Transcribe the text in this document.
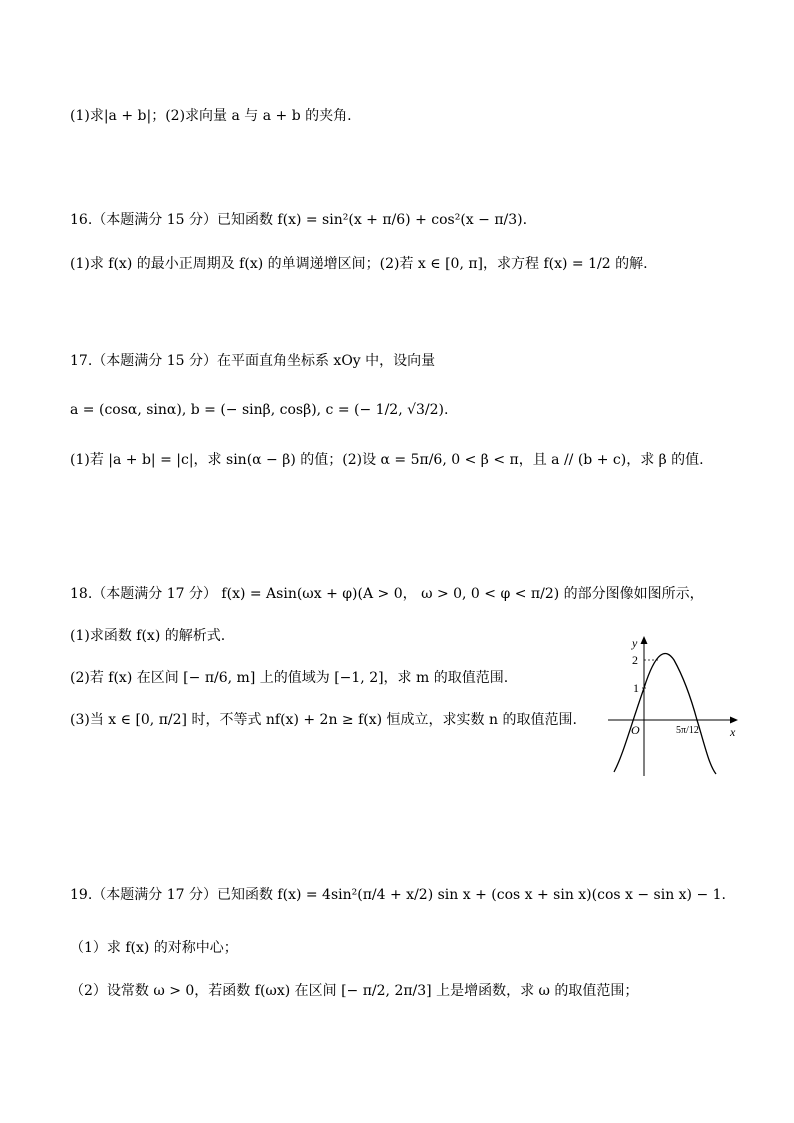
(1)求|a + b|；(2)求向量 a 与 a + b 的夹角.
16.（本题满分 15 分）已知函数 f(x) = sin²(x + π/6) + cos²(x − π/3).
(1)求 f(x) 的最小正周期及 f(x) 的单调递增区间；(2)若 x ∈ [0, π]，求方程 f(x) = 1/2 的解.
17.（本题满分 15 分）在平面直角坐标系 xOy 中，设向量
a = (cosα, sinα), b = (− sinβ, cosβ), c = (− 1/2, √3/2).
(1)若 |a + b| = |c|，求 sin(α − β) 的值；(2)设 α = 5π/6, 0 < β < π，且 a // (b + c)，求 β 的值.
18.（本题满分 17 分） f(x) = Asin(ωx + φ)(A > 0， ω > 0, 0 < φ < π/2) 的部分图像如图所示，
(1)求函数 f(x) 的解析式.
(2)若 f(x) 在区间 [− π/6, m] 上的值域为 [−1, 2]，求 m 的取值范围.
(3)当 x ∈ [0, π/2] 时，不等式 nf(x) + 2n ≥ f(x) 恒成立，求实数 n 的取值范围.
y
x
O
2
1
5π/12
19.（本题满分 17 分）已知函数 f(x) = 4sin²(π/4 + x/2) sin x + (cos x + sin x)(cos x − sin x) − 1.
（1）求 f(x) 的对称中心；
（2）设常数 ω > 0，若函数 f(ωx) 在区间 [− π/2, 2π/3] 上是增函数，求 ω 的取值范围；
